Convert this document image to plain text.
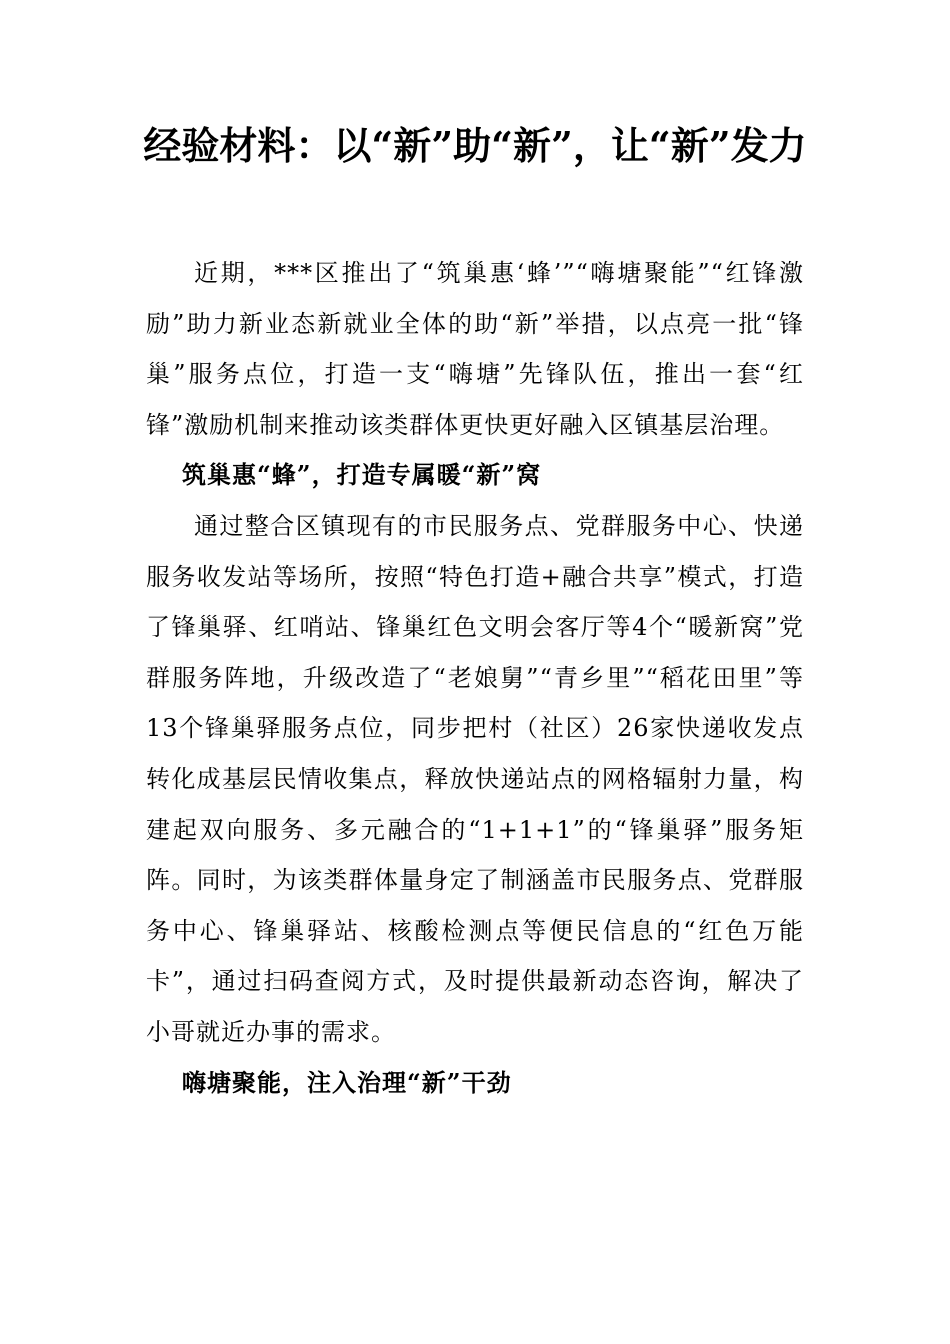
经验材料：以“新”助“新”，让“新”发力

近期，***区推出了“筑巢惠‘蜂’”“嗨塘聚能”“红锋激励”助力新业态新就业全体的助“新”举措，以点亮一批“锋巢”服务点位，打造一支“嗨塘”先锋队伍，推出一套“红锋”激励机制来推动该类群体更快更好融入区镇基层治理。

筑巢惠“蜂”，打造专属暖“新”窝

通过整合区镇现有的市民服务点、党群服务中心、快递服务收发站等场所，按照“特色打造+融合共享”模式，打造了锋巢驿、红哨站、锋巢红色文明会客厅等4个“暖新窝”党群服务阵地，升级改造了“老娘舅”“青乡里”“稻花田里”等13个锋巢驿服务点位，同步把村（社区）26家快递收发点转化成基层民情收集点，释放快递站点的网格辐射力量，构建起双向服务、多元融合的“1+1+1”的“锋巢驿”服务矩阵。同时，为该类群体量身定了制涵盖市民服务点、党群服务中心、锋巢驿站、核酸检测点等便民信息的“红色万能卡”，通过扫码查阅方式，及时提供最新动态咨询，解决了小哥就近办事的需求。

嗨塘聚能，注入治理“新”干劲
